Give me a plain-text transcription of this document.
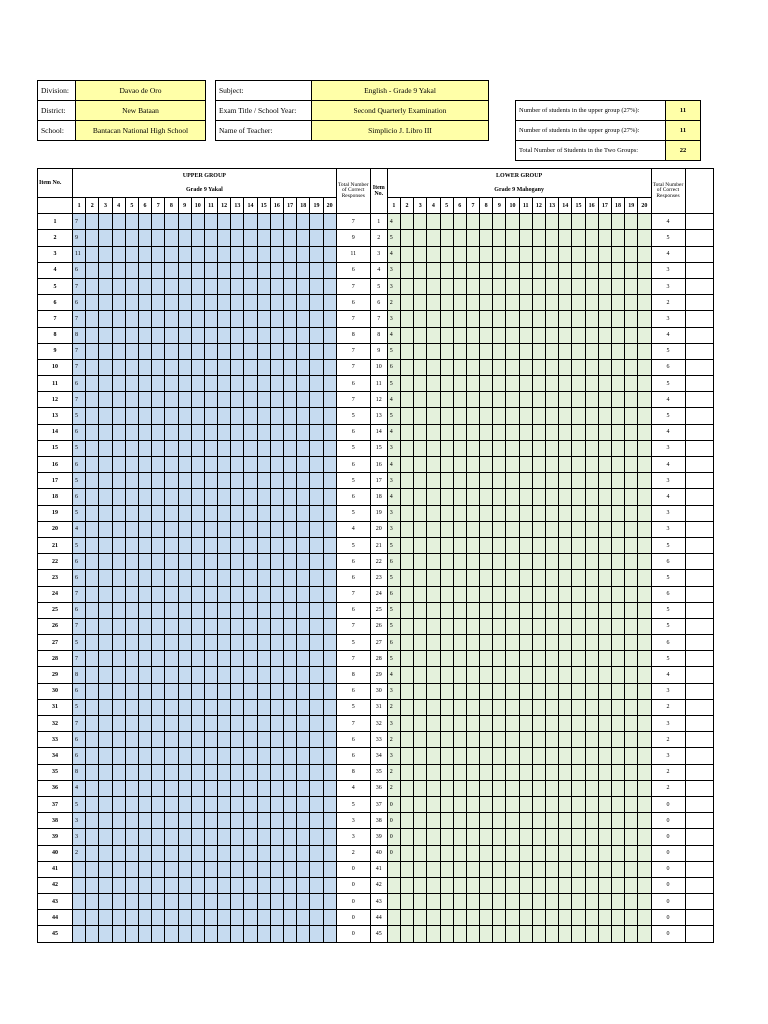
Division:	Davao de Oro		Subject:	English - Grade 9 Yakal
District:	New Bataan		Exam Title / School Year:	Second Quarterly Examination
School:	Bantacan National High School		Name of Teacher:	Simplicio J. Libro III
Number of students in the upper group (27%):	11
Number of students in the upper group (27%):	11
Total Number of Students in the Two Groups:	22
Item No.	UPPER GROUP																				Total Number of Correct Responses	Item No.	LOWER GROUP																				Total Number of Correct Responses	
	Grade 9 Yakal																						Grade 9 Mahogany																					
	1	2	3	4	5	6	7	8	9	10	11	12	13	14	15	16	17	18	19	20			1	2	3	4	5	6	7	8	9	10	11	12	13	14	15	16	17	18	19	20		
1	7																				7	1	4																				4	
2	9																				9	2	5																				5	
3	11																				11	3	4																				4	
4	6																				6	4	3																				3	
5	7																				7	5	3																				3	
6	6																				6	6	2																				2	
7	7																				7	7	3																				3	
8	8																				8	8	4																				4	
9	7																				7	9	5																				5	
10	7																				7	10	6																				6	
11	6																				6	11	5																				5	
12	7																				7	12	4																				4	
13	5																				5	13	5																				5	
14	6																				6	14	4																				4	
15	5																				5	15	3																				3	
16	6																				6	16	4																				4	
17	5																				5	17	3																				3	
18	6																				6	18	4																				4	
19	5																				5	19	3																				3	
20	4																				4	20	3																				3	
21	5																				5	21	5																				5	
22	6																				6	22	6																				6	
23	6																				6	23	5																				5	
24	7																				7	24	6																				6	
25	6																				6	25	5																				5	
26	7																				7	26	5																				5	
27	5																				5	27	6																				6	
28	7																				7	28	5																				5	
29	8																				8	29	4																				4	
30	6																				6	30	3																				3	
31	5																				5	31	2																				2	
32	7																				7	32	3																				3	
33	6																				6	33	2																				2	
34	6																				6	34	3																				3	
35	8																				8	35	2																				2	
36	4																				4	36	2																				2	
37	5																				5	37	0																				0	
38	3																				3	38	0																				0	
39	3																				3	39	0																				0	
40	2																				2	40	0																				0	
41																					0	41																					0	
42																					0	42																					0	
43																					0	43																					0	
44																					0	44																					0	
45																					0	45																					0	
